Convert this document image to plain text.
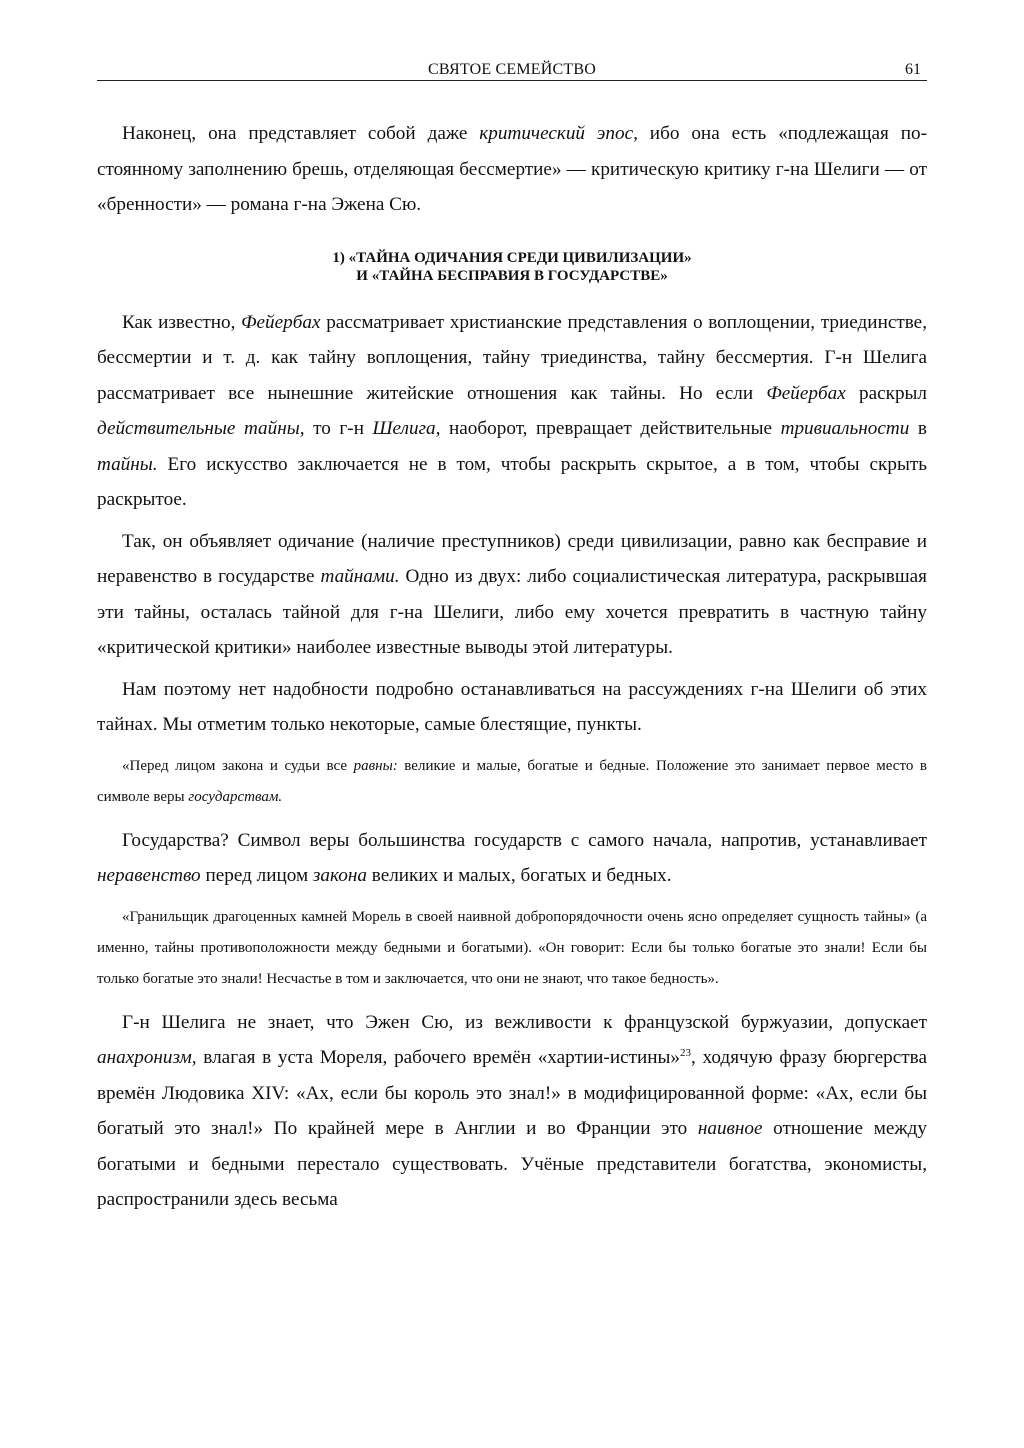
СВЯТОЕ СЕМЕЙСТВО	61

Наконец, она представляет собой даже критический эпос, ибо она есть «подлежащая постоянному заполнению брешь, отделяющая бессмертие» — критическую критику г-на Шелиги — от «бренности» — романа г-на Эжена Сю.

1) «ТАЙНА ОДИЧАНИЯ СРЕДИ ЦИВИЛИЗАЦИИ»
И «ТАЙНА БЕСПРАВИЯ В ГОСУДАРСТВЕ»

Как известно, Фейербах рассматривает христианские представления о воплощении, триединстве, бессмертии и т. д. как тайну воплощения, тайну триединства, тайну бессмертия. Г-н Шелига рассматривает все нынешние житейские отношения как тайны. Но если Фейербах раскрыл действительные тайны, то г-н Шелига, наоборот, превращает действительные тривиальности в тайны. Его искусство заключается не в том, чтобы раскрыть скрытое, а в том, чтобы скрыть раскрытое.

Так, он объявляет одичание (наличие преступников) среди цивилизации, равно как бесправие и неравенство в государстве тайнами. Одно из двух: либо социалистическая литература, раскрывшая эти тайны, осталась тайной для г-на Шелиги, либо ему хочется превратить в частную тайну «критической критики» наиболее известные выводы этой литературы.

Нам поэтому нет надобности подробно останавливаться на рассуждениях г-на Шелиги об этих тайнах. Мы отметим только некоторые, самые блестящие, пункты.

«Перед лицом закона и судьи все равны: великие и малые, богатые и бедные. Положение это занимает первое место в символе веры государствам.

Государства? Символ веры большинства государств с самого начала, напротив, устанавливает неравенство перед лицом закона великих и малых, богатых и бедных.

«Гранильщик драгоценных камней Морель в своей наивной добропорядочности очень ясно определяет сущность тайны» (а именно, тайны противоположности между бедными и богатыми). «Он говорит: Если бы только богатые это знали! Если бы только богатые это знали! Несчастье в том и заключается, что они не знают, что такое бедность».

Г-н Шелига не знает, что Эжен Сю, из вежливости к французской буржуазии, допускает анахронизм, влагая в уста Мореля, рабочего времён «хартии-истины»$^{23}$, ходячую фразу бюргерства времён Людовика XIV: «Ах, если бы король это знал!» в модифицированной форме: «Ах, если бы богатый это знал!» По крайней мере в Англии и во Франции это наивное отношение между богатыми и бедными перестало существовать. Учёные представители богатства, экономисты, распространили здесь весьма
